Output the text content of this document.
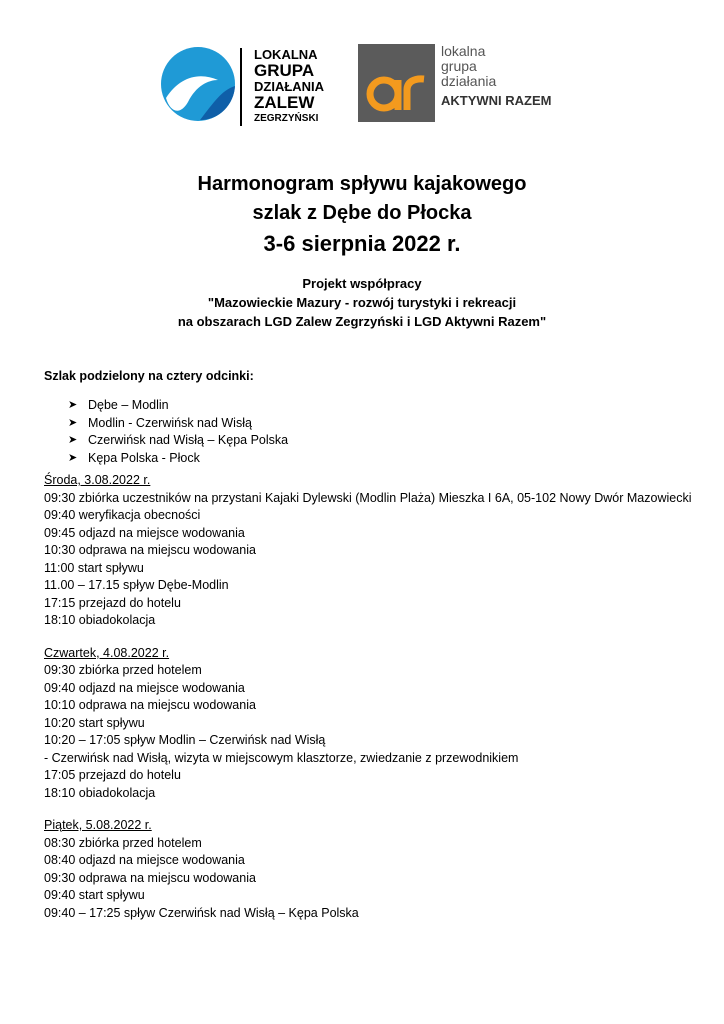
LOKALNA
GRUPA
DZIAŁANIA
ZALEW
ZEGRZYŃSKI
lokalna
grupa
działania
AKTYWNI RAZEM
Harmonogram spływu kajakowego
szlak z Dębe do Płocka
3-6 sierpnia 2022 r.
Projekt współpracy
"Mazowieckie Mazury - rozwój turystyki i rekreacji
na obszarach LGD Zalew Zegrzyński i LGD Aktywni Razem"
Szlak podzielony na cztery odcinki:
➤ Dębe – Modlin
➤ Modlin - Czerwińsk nad Wisłą
➤ Czerwińsk nad Wisłą – Kępa Polska
➤ Kępa Polska - Płock
Środa, 3.08.2022 r.
09:30 zbiórka uczestników na przystani Kajaki Dylewski (Modlin Plaża) Mieszka I 6A, 05-102 Nowy Dwór Mazowiecki
09:40 weryfikacja obecności
09:45 odjazd na miejsce wodowania
10:30 odprawa na miejscu wodowania
11:00 start spływu
11.00 – 17.15 spływ Dębe-Modlin
17:15 przejazd do hotelu
18:10 obiadokolacja
Czwartek, 4.08.2022 r.
09:30 zbiórka przed hotelem
09:40 odjazd na miejsce wodowania
10:10 odprawa na miejscu wodowania
10:20 start spływu
10:20 – 17:05 spływ Modlin – Czerwińsk nad Wisłą
- Czerwińsk nad Wisłą, wizyta w miejscowym klasztorze, zwiedzanie z przewodnikiem
17:05 przejazd do hotelu
18:10 obiadokolacja
Piątek, 5.08.2022 r.
08:30 zbiórka przed hotelem
08:40 odjazd na miejsce wodowania
09:30 odprawa na miejscu wodowania
09:40 start spływu
09:40 – 17:25 spływ Czerwińsk nad Wisłą – Kępa Polska
